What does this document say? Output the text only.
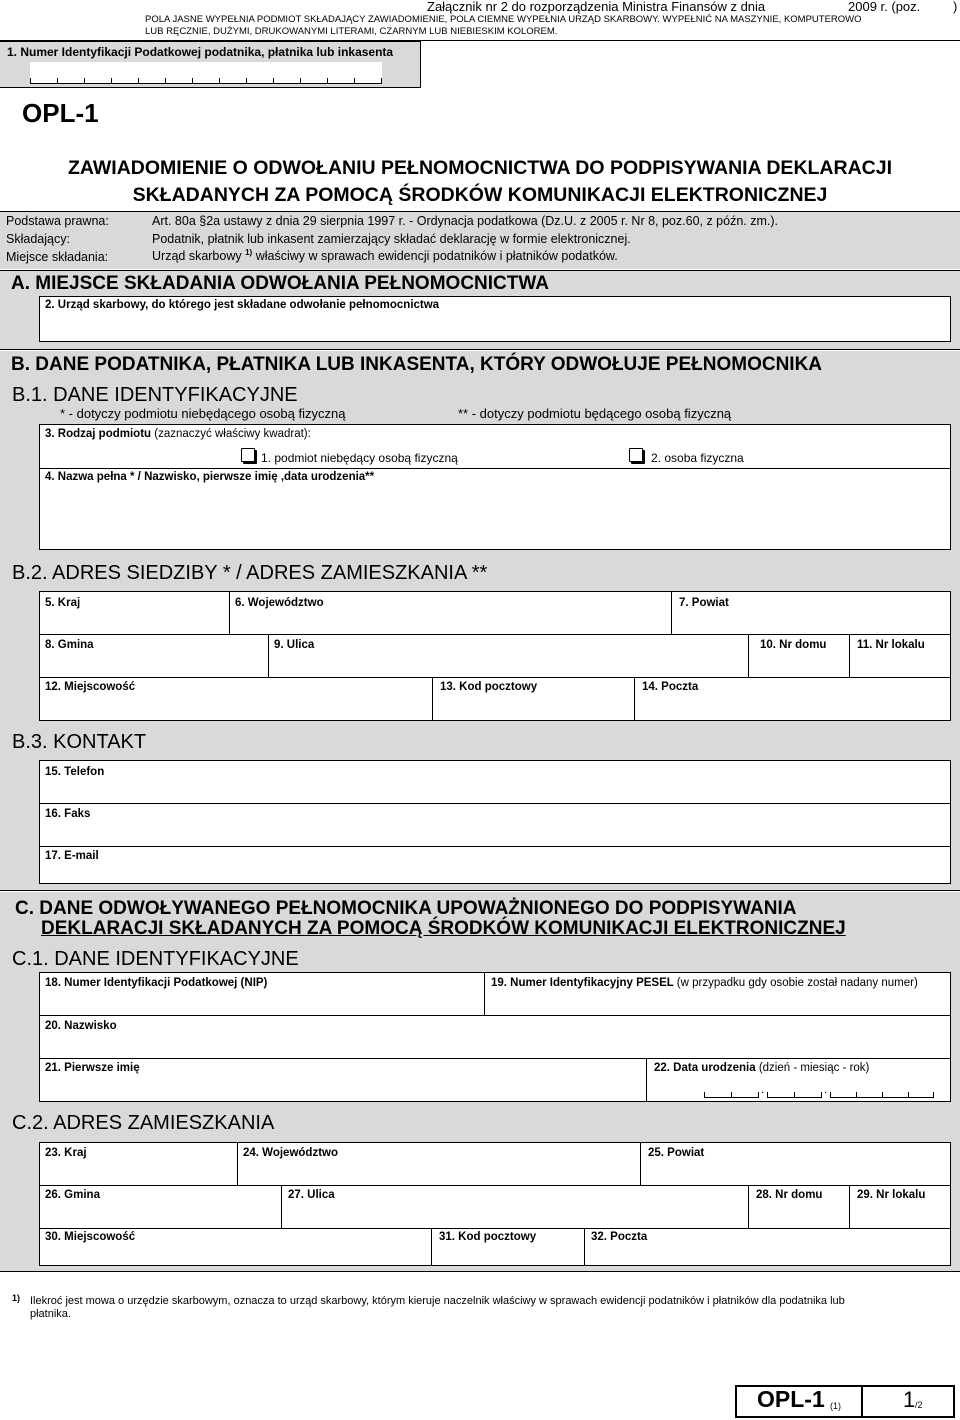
Załącznik nr 2 do rozporządzenia Ministra Finansów z dnia	2009 r. (poz.	)
POLA JASNE WYPEŁNIA PODMIOT SKŁADAJĄCY ZAWIADOMIENIE, POLA CIEMNE WYPEŁNIA URZĄD SKARBOWY. WYPEŁNIĆ NA MASZYNIE, KOMPUTEROWO
LUB RĘCZNIE, DUŻYMI, DRUKOWANYMI LITERAMI, CZARNYM LUB NIEBIESKIM KOLOREM.
1. Numer Identyfikacji Podatkowej podatnika, płatnika lub inkasenta
OPL-1
ZAWIADOMIENIE O ODWOŁANIU PEŁNOMOCNICTWA DO PODPISYWANIA DEKLARACJI
SKŁADANYCH ZA POMOCĄ ŚRODKÓW KOMUNIKACJI ELEKTRONICZNEJ
Podstawa prawna:	Art. 80a §2a ustawy z dnia 29 sierpnia 1997 r. - Ordynacja podatkowa (Dz.U. z 2005 r. Nr 8, poz.60, z późn. zm.).
Składający:	Podatnik, płatnik lub inkasent zamierzający składać deklarację w formie elektronicznej.
Miejsce składania:	Urząd skarbowy $^{1)}$ właściwy w sprawach ewidencji podatników i płatników podatków.
A. MIEJSCE SKŁADANIA ODWOŁANIA PEŁNOMOCNICTWA
2. Urząd skarbowy, do którego jest składane odwołanie pełnomocnictwa
B. DANE PODATNIKA, PŁATNIKA LUB INKASENTA, KTÓRY ODWOŁUJE PEŁNOMOCNIKA
B.1. DANE IDENTYFIKACYJNE
* - dotyczy podmiotu niebędącego osobą fizyczną	** - dotyczy podmiotu będącego osobą fizyczną
3. Rodzaj podmiotu (zaznaczyć właściwy kwadrat):
1. podmiot niebędący osobą fizyczną	2. osoba fizyczna
4. Nazwa pełna * / Nazwisko, pierwsze imię ,data urodzenia**
B.2. ADRES SIEDZIBY * / ADRES ZAMIESZKANIA **
5. Kraj	6. Województwo	7. Powiat
8. Gmina	9. Ulica	10. Nr domu	11. Nr lokalu
12. Miejscowość	13. Kod pocztowy	14. Poczta
B.3. KONTAKT
15. Telefon
16. Faks
17. E-mail
C. DANE ODWOŁYWANEGO PEŁNOMOCNIKA UPOWAŻNIONEGO DO PODPISYWANIA
DEKLARACJI SKŁADANYCH ZA POMOCĄ ŚRODKÓW KOMUNIKACJI ELEKTRONICZNEJ
C.1. DANE IDENTYFIKACYJNE
18. Numer Identyfikacji Podatkowej (NIP)	19. Numer Identyfikacyjny PESEL (w przypadku gdy osobie został nadany numer)
20. Nazwisko
21. Pierwsze imię	22. Data urodzenia (dzień - miesiąc - rok)
.	.
C.2. ADRES ZAMIESZKANIA
23. Kraj	24. Województwo	25. Powiat
26. Gmina	27. Ulica	28. Nr domu	29. Nr lokalu
30. Miejscowość	31. Kod pocztowy	32. Poczta
1) Ilekroć jest mowa o urzędzie skarbowym, oznacza to urząd skarbowy, którym kieruje naczelnik właściwy w sprawach ewidencji podatników i płatników dla podatnika lub
płatnika.
OPL-1 (1)	1 /2
